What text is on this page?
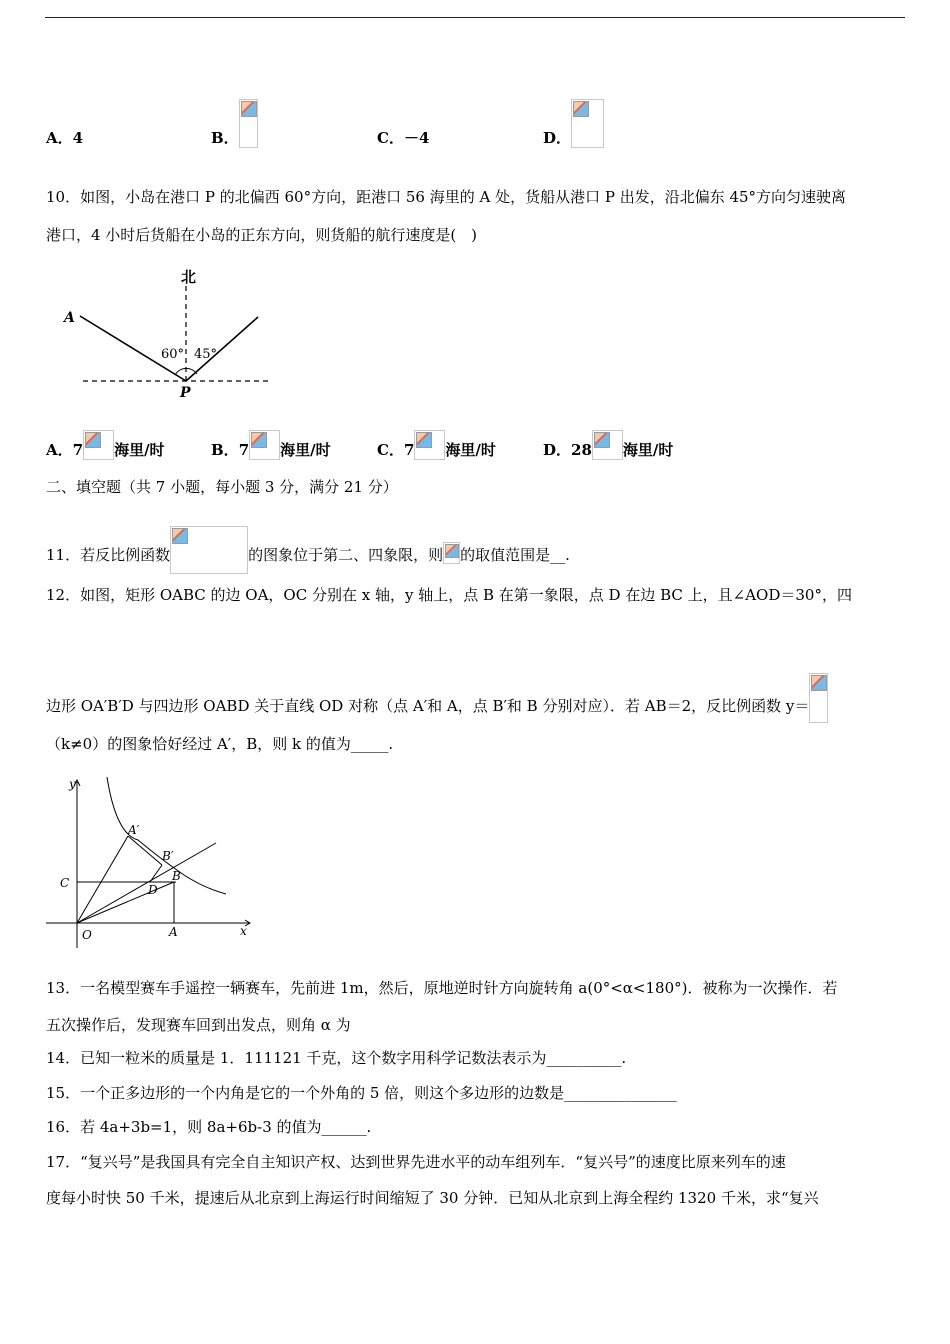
A．4	B．	C．－4	D．
10．如图，小岛在港口 P 的北偏西 60°方向，距港口 56 海里的 A 处，货船从港口 P 出发，沿北偏东 45°方向匀速驶离
港口，4 小时后货船在小岛的正东方向，则货船的航行速度是(　)
北
A
P
60° 45°
A．7 海里/时	B．7 海里/时	C．7 海里/时	D．28 海里/时
二、填空题（共 7 小题，每小题 3 分，满分 21 分）
11．若反比例函数	的图象位于第二、四象限，则 的取值范围是__.
12．如图，矩形 OABC 的边 OA，OC 分别在 x 轴，y 轴上，点 B 在第一象限，点 D 在边 BC 上，且∠AOD＝30°，四
边形 OA′B′D 与四边形 OABD 关于直线 OD 对称（点 A′和 A，点 B′和 B 分别对应）．若 AB＝2，反比例函数 y＝
（k≠0）的图象恰好经过 A′，B，则 k 的值为_____.
y
x
O	A
B
C	D
A′
B′
13．一名模型赛车手遥控一辆赛车，先前进 1m，然后，原地逆时针方向旋转角 a(0°<α<180°)．被称为一次操作．若
五次操作后，发现赛车回到出发点，则角 α 为
14．已知一粒米的质量是 1．111121 千克，这个数字用科学记数法表示为__________.
15．一个正多边形的一个内角是它的一个外角的 5 倍，则这个多边形的边数是_______________
16．若 4a+3b=1，则 8a+6b-3 的值为______.
17．“复兴号”是我国具有完全自主知识产权、达到世界先进水平的动车组列车．“复兴号”的速度比原来列车的速
度每小时快 50 千米，提速后从北京到上海运行时间缩短了 30 分钟．已知从北京到上海全程约 1320 千米，求“复兴
